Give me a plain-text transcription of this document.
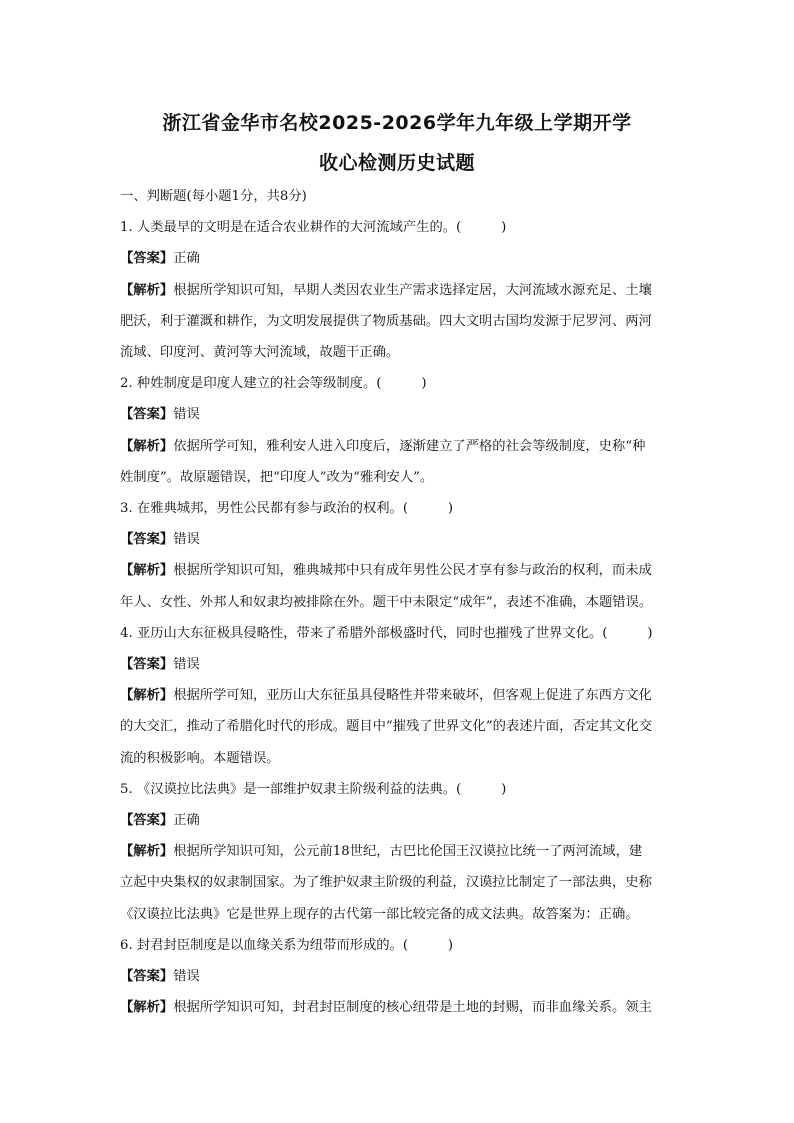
浙江省金华市名校2025-2026学年九年级上学期开学
收心检测历史试题
一、判断题(每小题1分，共8分)
1. 人类最早的文明是在适合农业耕作的大河流域产生的。(　　　)
【答案】正确
【解析】根据所学知识可知，早期人类因农业生产需求选择定居，大河流域水源充足、土壤
肥沃，利于灌溉和耕作，为文明发展提供了物质基础。四大文明古国均发源于尼罗河、两河
流域、印度河、黄河等大河流域，故题干正确。
2. 种姓制度是印度人建立的社会等级制度。(　　　)
【答案】错误
【解析】依据所学可知，雅利安人进入印度后，逐渐建立了严格的社会等级制度，史称“种
姓制度”。故原题错误，把“印度人”改为“雅利安人”。
3. 在雅典城邦，男性公民都有参与政治的权利。(　　　)
【答案】错误
【解析】根据所学知识可知，雅典城邦中只有成年男性公民才享有参与政治的权利，而未成
年人、女性、外邦人和奴隶均被排除在外。题干中未限定“成年”，表述不准确，本题错误。
4. 亚历山大东征极具侵略性，带来了希腊外部极盛时代，同时也摧残了世界文化。(　　　)
【答案】错误
【解析】根据所学可知，亚历山大东征虽具侵略性并带来破坏，但客观上促进了东西方文化
的大交汇，推动了希腊化时代的形成。题目中“摧残了世界文化”的表述片面，否定其文化交
流的积极影响。本题错误。
5. 《汉谟拉比法典》是一部维护奴隶主阶级利益的法典。(　　　)
【答案】正确
【解析】根据所学知识可知，公元前18世纪，古巴比伦国王汉谟拉比统一了两河流域，建
立起中央集权的奴隶制国家。为了维护奴隶主阶级的利益，汉谟拉比制定了一部法典，史称
《汉谟拉比法典》它是世界上现存的古代第一部比较完备的成文法典。故答案为：正确。
6. 封君封臣制度是以血缘关系为纽带而形成的。(　　　)
【答案】错误
【解析】根据所学知识可知，封君封臣制度的核心纽带是土地的封赐，而非血缘关系。领主
